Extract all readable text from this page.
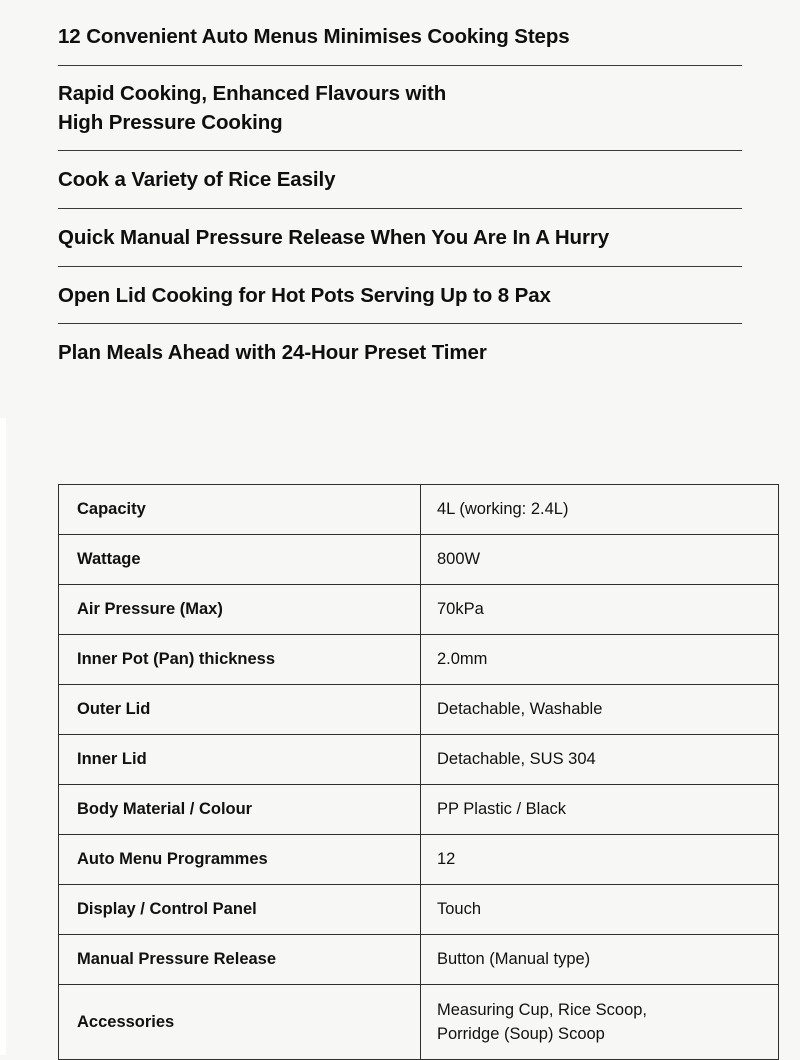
12 Convenient Auto Menus Minimises Cooking Steps
Rapid Cooking, Enhanced Flavours with
High Pressure Cooking
Cook a Variety of Rice Easily
Quick Manual Pressure Release When You Are In A Hurry
Open Lid Cooking for Hot Pots Serving Up to 8 Pax
Plan Meals Ahead with 24-Hour Preset Timer
Capacity	4L (working: 2.4L)
Wattage	800W
Air Pressure (Max)	70kPa
Inner Pot (Pan) thickness	2.0mm
Outer Lid	Detachable, Washable
Inner Lid	Detachable, SUS 304
Body Material / Colour	PP Plastic / Black
Auto Menu Programmes	12
Display / Control Panel	Touch
Manual Pressure Release	Button (Manual type)
Accessories	Measuring Cup, Rice Scoop,
Porridge (Soup) Scoop
